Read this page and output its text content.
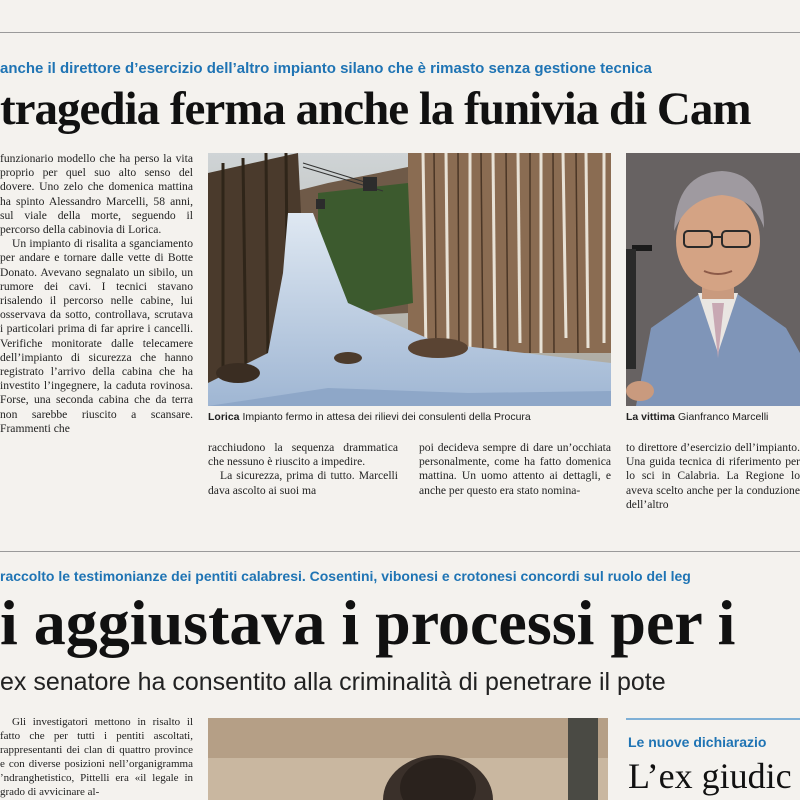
anche il direttore d’esercizio dell’altro impianto silano che è rimasto senza gestione tecnica
tragedia ferma anche la funivia di Cam

funzionario modello che ha perso la vita proprio per quel suo alto senso del dovere. Uno zelo che domenica mattina ha spinto Alessandro Marcelli, 58 anni, sul viale della morte, seguendo il percorso della cabinovia di Lorica.

Un impianto di risalita a sganciamento per andare e tornare dalle vette di Botte Donato. Avevano segnalato un sibilo, un rumore dei cavi. I tecnici stavano risalendo il percorso nelle cabine, lui osservava da sotto, controllava, scrutava i particolari prima di far aprire i cancelli. Verifiche monitorate dalle telecamere dell’impianto di sicurezza che hanno registrato l’arrivo della cabina che ha investito l’ingegnere, la caduta rovinosa. Forse, una seconda cabina che da terra non sarebbe riuscito a scansare. Frammenti che

Lorica Impianto fermo in attesa dei rilievi dei consulenti della Procura	La vittima Gianfranco Marcelli

racchiudono la sequenza drammatica che nessuno è riuscito a impedire.

La sicurezza, prima di tutto. Marcelli dava ascolto ai suoi ma

poi decideva sempre di dare un’occhiata personalmente, come ha fatto domenica mattina. Un uomo attento ai dettagli, e anche per questo era stato nomina-

to direttore d’esercizio dell’impianto. Una guida tecnica di riferimento per lo sci in Calabria. La Regione lo aveva scelto anche per la conduzione dell’altro

raccolto le testimonianze dei pentiti calabresi. Cosentini, vibonesi e crotonesi concordi sul ruolo del leg
i aggiustava i processi per i
ex senatore ha consentito alla criminalità di penetrare il pote

Gli investigatori mettono in risalto il fatto che per tutti i pentiti ascoltati, rappresentanti dei clan di quattro province e con diverse posizioni nell’organigramma ’ndranghetistico, Pittelli era «il legale in grado di avvicinare al-

Le nuove dichiarazio
L’ex giudic
